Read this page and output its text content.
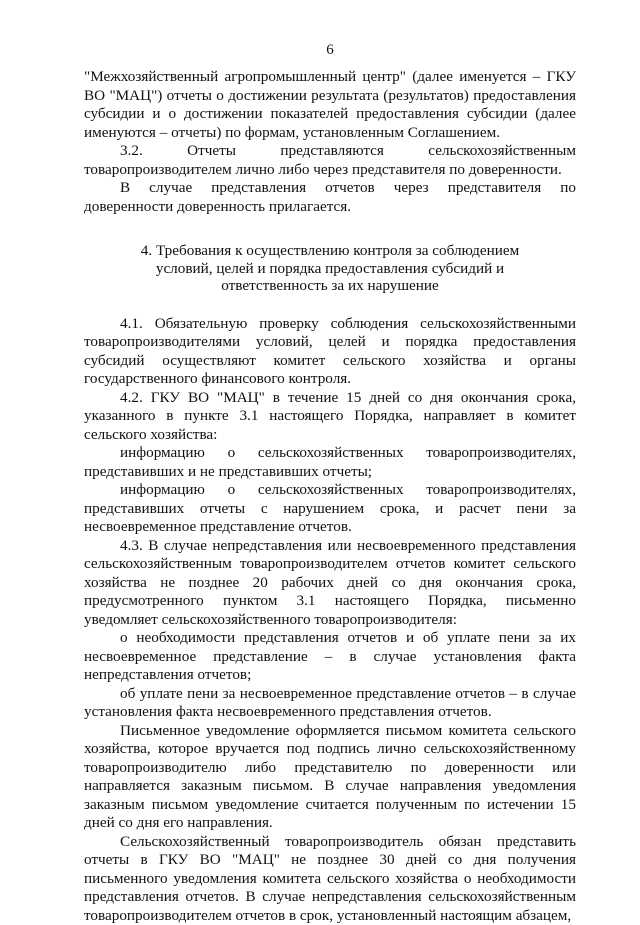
6

"Межхозяйственный агропромышленный центр" (далее именуется – ГКУ ВО "МАЦ") отчеты о достижении результата (результатов) предоставления субсидии и о достижении показателей предоставления субсидии (далее именуются – отчеты) по формам, установленным Соглашением.

3.2. Отчеты представляются сельскохозяйственным товаропроизводителем лично либо через представителя по доверенности.

В случае представления отчетов через представителя по доверенности доверенность прилагается.

4. Требования к осуществлению контроля за соблюдением условий, целей и порядка предоставления субсидий и ответственность за их нарушение

4.1. Обязательную проверку соблюдения сельскохозяйственными товаропроизводителями условий, целей и порядка предоставления субсидий осуществляют комитет сельского хозяйства и органы государственного финансового контроля.

4.2. ГКУ ВО "МАЦ" в течение 15 дней со дня окончания срока, указанного в пункте 3.1 настоящего Порядка, направляет в комитет сельского хозяйства:

информацию о сельскохозяйственных товаропроизводителях, представивших и не представивших отчеты;

информацию о сельскохозяйственных товаропроизводителях, представивших отчеты с нарушением срока, и расчет пени за несвоевременное представление отчетов.

4.3. В случае непредставления или несвоевременного представления сельскохозяйственным товаропроизводителем отчетов комитет сельского хозяйства не позднее 20 рабочих дней со дня окончания срока, предусмотренного пунктом 3.1 настоящего Порядка, письменно уведомляет сельскохозяйственного товаропроизводителя:

о необходимости представления отчетов и об уплате пени за их несвоевременное представление – в случае установления факта непредставления отчетов;

об уплате пени за несвоевременное представление отчетов – в случае установления факта несвоевременного представления отчетов.

Письменное уведомление оформляется письмом комитета сельского хозяйства, которое вручается под подпись лично сельскохозяйственному товаропроизводителю либо представителю по доверенности или направляется заказным письмом. В случае направления уведомления заказным письмом уведомление считается полученным по истечении 15 дней со дня его направления.

Сельскохозяйственный товаропроизводитель обязан представить отчеты в ГКУ ВО "МАЦ" не позднее 30 дней со дня получения письменного уведомления комитета сельского хозяйства о необходимости представления отчетов. В случае непредставления сельскохозяйственным товаропроизводителем отчетов в срок, установленный настоящим абзацем,
